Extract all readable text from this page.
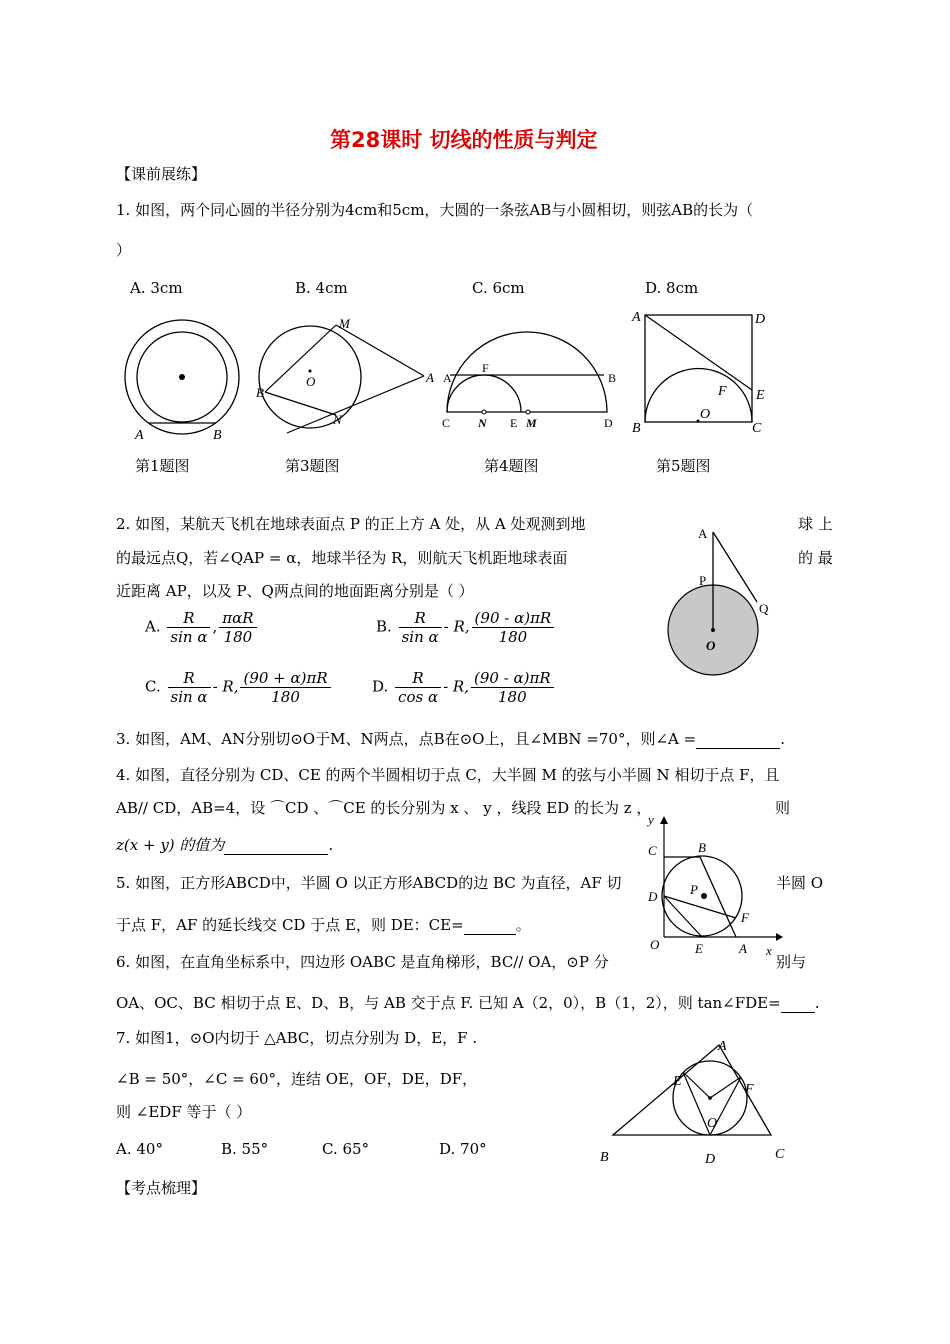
第28课时 切线的性质与判定
【课前展练】
1. 如图，两个同心圆的半径分别为4cm和5cm，大圆的一条弦AB与小圆相切，则弦AB的长为（
）
A. 3cm	B. 4cm	C. 6cm	D. 8cm
A	B
M
O
B
A
N
A
F
B
C N E M	D
A	D
F E
O
B	C
第1题图	第3题图	第4题图	第5题图
2. 如图，某航天飞机在地球表面点 P 的正上方 A 处，从 A 处观测到地	球 上
的最远点Q，若∠QAP = α，地球半径为 R，则航天飞机距地球表面	的 最
近距离 AP，以及 P、Q两点间的地面距离分别是（ ）
A. $\frac{R}{\text{sin α}}$ , $\frac{\text{παR}}{180}$	B. $\frac{R}{\text{sin α}}$ - R, $\frac{(90 - \alpha)\pi R}{180}$
C. $\frac{R}{\text{sin α}}$ - R, $\frac{(90 + \alpha)\pi R}{180}$	D. $\frac{R}{\text{cos α}}$ - R, $\frac{(90 - \alpha)\pi R}{180}$
A
P
Q
O
3. 如图，AM、AN分别切⊙O于M、N两点，点B在⊙O上，且∠MBN =70°，则∠A =	.
4. 如图，直径分别为 CD、CE 的两个半圆相切于点 C，大半圆 M 的弦与小半圆 N 相切于点 F，且
AB// CD，AB=4，设 ⌒CD 、⌒CE 的长分别为 x 、 y ，线段 ED 的长为 z ，	则
z(x + y) 的值为	.
5. 如图，正方形ABCD中，半圆 O 以正方形ABCD的边 BC 为直径，AF 切	半圆 O
于点 F，AF 的延长线交 CD 于点 E，则 DE：CE=	。
y
C	B
P
D
F
O	E	A x
6. 如图，在直角坐标系中，四边形 OABC 是直角梯形，BC// OA，⊙P 分	别与
OA、OC、BC 相切于点 E、D、B，与 AB 交于点 F. 已知 A（2，0），B（1，2），则 tan∠FDE= .
7. 如图1，⊙O内切于 △ABC，切点分别为 D，E，F .
∠B = 50°，∠C = 60°，连结 OE，OF，DE，DF，
则 ∠EDF 等于（ ）
A. 40°	B. 55°	C. 65°	D. 70°
A
E
F
O
B	D	C
【考点梳理】
